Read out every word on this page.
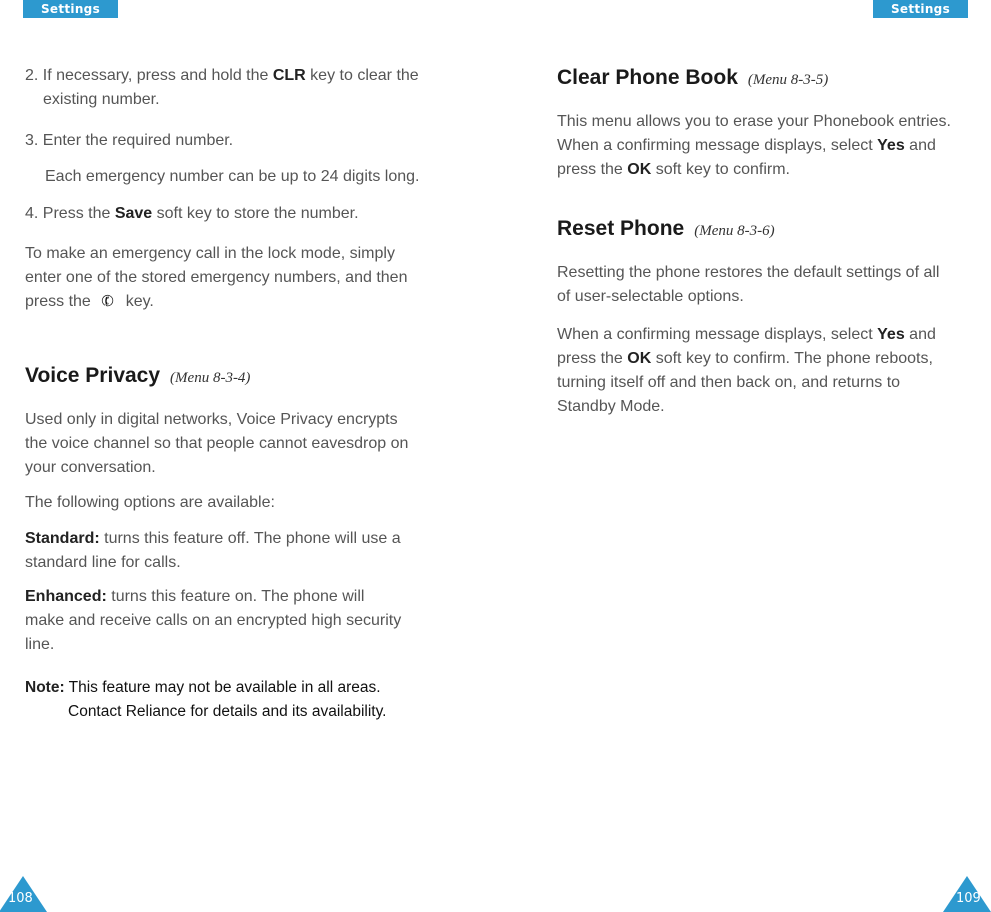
Settings	Settings

2. If necessary, press and hold the CLR key to clear the
existing number.

3. Enter the required number.

Each emergency number can be up to 24 digits long.

4. Press the Save soft key to store the number.

To make an emergency call in the lock mode, simply
enter one of the stored emergency numbers, and then
press the ✆ key.

Voice Privacy (Menu 8-3-4)

Used only in digital networks, Voice Privacy encrypts
the voice channel so that people cannot eavesdrop on
your conversation.

The following options are available:

Standard: turns this feature off. The phone will use a
standard line for calls.

Enhanced: turns this feature on. The phone will
make and receive calls on an encrypted high security
line.

Note: This feature may not be available in all areas.
Contact Reliance for details and its availability.

Clear Phone Book (Menu 8-3-5)

This menu allows you to erase your Phonebook entries.
When a confirming message displays, select Yes and
press the OK soft key to confirm.

Reset Phone (Menu 8-3-6)

Resetting the phone restores the default settings of all
of user-selectable options.

When a confirming message displays, select Yes and
press the OK soft key to confirm. The phone reboots,
turning itself off and then back on, and returns to
Standby Mode.

108	109
